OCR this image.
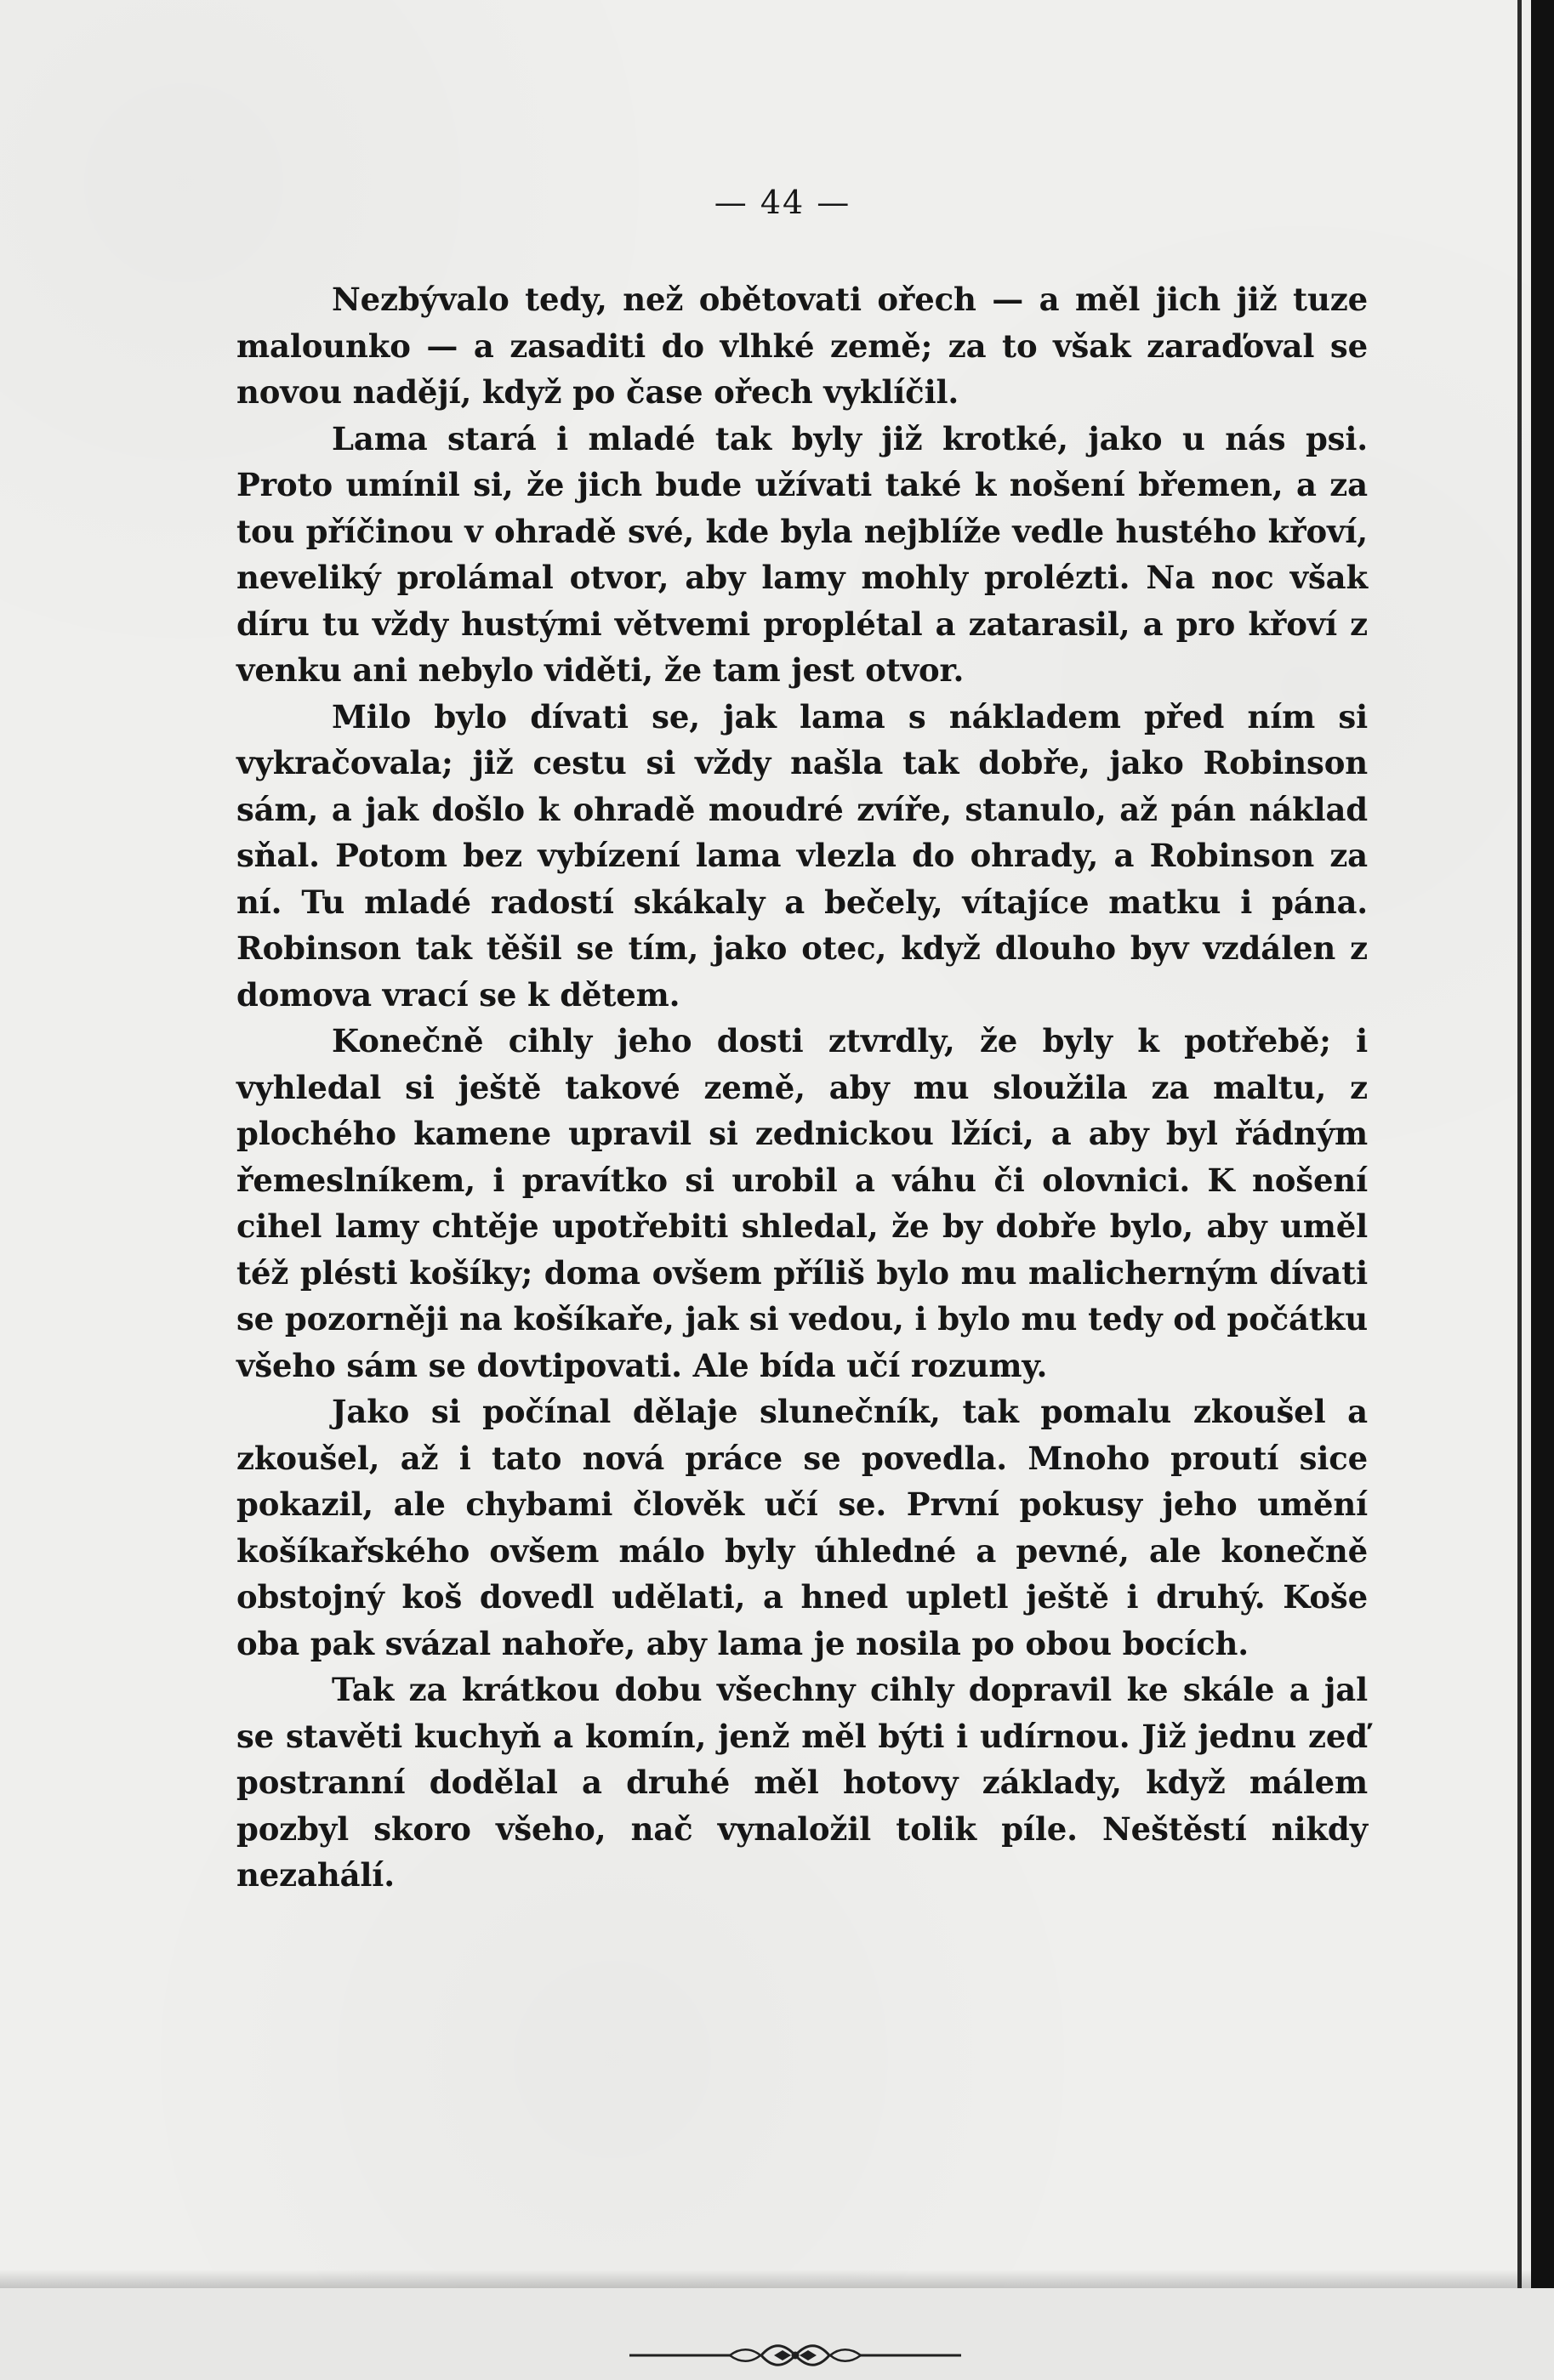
— 44 —

Nezbývalo tedy, než obětovati ořech — a měl jich již tuze malounko — a zasaditi do vlhké země; za to však zaraďoval se novou nadějí, když po čase ořech vyklíčil.

Lama stará i mladé tak byly již krotké, jako u nás psi. Proto umínil si, že jich bude užívati také k nošení břemen, a za tou příčinou v ohradě své, kde byla nejblíže vedle hustého křoví, neveliký prolámal otvor, aby lamy mohly prolézti. Na noc však díru tu vždy hustými větvemi proplétal a zatarasil, a pro křoví z venku ani nebylo viděti, že tam jest otvor.

Milo bylo dívati se, jak lama s nákladem před ním si vykračovala; již cestu si vždy našla tak dobře, jako Robinson sám, a jak došlo k ohradě moudré zvíře, stanulo, až pán náklad sňal. Potom bez vybízení lama vlezla do ohrady, a Robinson za ní. Tu mladé radostí skákaly a bečely, vítajíce matku i pána. Robinson tak těšil se tím, jako otec, když dlouho byv vzdálen z domova vrací se k dětem.

Konečně cihly jeho dosti ztvrdly, že byly k potřebě; i vyhledal si ještě takové země, aby mu sloužila za maltu, z plochého kamene upravil si zednickou lžíci, a aby byl řádným řemeslníkem, i pravítko si urobil a váhu či olovnici. K nošení cihel lamy chtěje upotřebiti shledal, že by dobře bylo, aby uměl též plésti košíky; doma ovšem příliš bylo mu malicherným dívati se pozorněji na košíkaře, jak si vedou, i bylo mu tedy od počátku všeho sám se dovtipovati. Ale bída učí rozumy.

Jako si počínal dělaje slunečník, tak pomalu zkoušel a zkoušel, až i tato nová práce se povedla. Mnoho proutí sice pokazil, ale chybami člověk učí se. První pokusy jeho umění košíkařského ovšem málo byly úhledné a pevné, ale konečně obstojný koš dovedl udělati, a hned upletl ještě i druhý. Koše oba pak svázal nahoře, aby lama je nosila po obou bocích.

Tak za krátkou dobu všechny cihly dopravil ke skále a jal se stavěti kuchyň a komín, jenž měl býti i udírnou. Již jednu zeď postranní dodělal a druhé měl hotovy základy, když málem pozbyl skoro všeho, nač vynaložil tolik píle. Neštěstí nikdy nezahálí.
